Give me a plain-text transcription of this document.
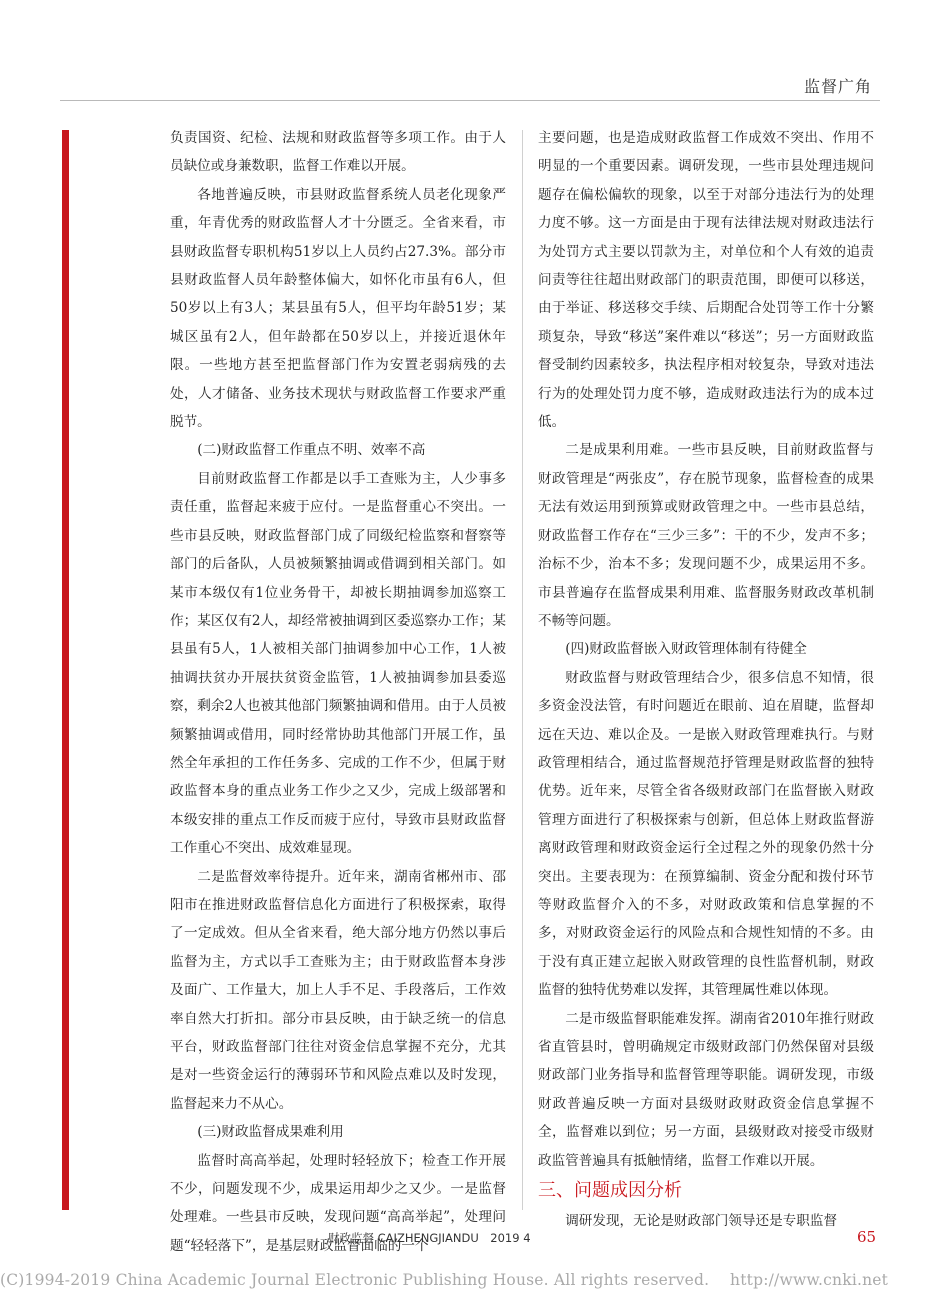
监督广角

负责国资、纪检、法规和财政监督等多项工作。由于人员缺位或身兼数职，监督工作难以开展。

各地普遍反映，市县财政监督系统人员老化现象严重，年青优秀的财政监督人才十分匮乏。全省来看，市县财政监督专职机构51岁以上人员约占27.3%。部分市县财政监督人员年龄整体偏大，如怀化市虽有6人，但50岁以上有3人；某县虽有5人，但平均年龄51岁；某城区虽有2人，但年龄都在50岁以上，并接近退休年限。一些地方甚至把监督部门作为安置老弱病残的去处，人才储备、业务技术现状与财政监督工作要求严重脱节。

(二)财政监督工作重点不明、效率不高

目前财政监督工作都是以手工查账为主，人少事多责任重，监督起来疲于应付。一是监督重心不突出。一些市县反映，财政监督部门成了同级纪检监察和督察等部门的后备队，人员被频繁抽调或借调到相关部门。如某市本级仅有1位业务骨干，却被长期抽调参加巡察工作；某区仅有2人，却经常被抽调到区委巡察办工作；某县虽有5人，1人被相关部门抽调参加中心工作，1人被抽调扶贫办开展扶贫资金监管，1人被抽调参加县委巡察，剩余2人也被其他部门频繁抽调和借用。由于人员被频繁抽调或借用，同时经常协助其他部门开展工作，虽然全年承担的工作任务多、完成的工作不少，但属于财政监督本身的重点业务工作少之又少，完成上级部署和本级安排的重点工作反而疲于应付，导致市县财政监督工作重心不突出、成效难显现。

二是监督效率待提升。近年来，湖南省郴州市、邵阳市在推进财政监督信息化方面进行了积极探索，取得了一定成效。但从全省来看，绝大部分地方仍然以事后监督为主，方式以手工查账为主；由于财政监督本身涉及面广、工作量大，加上人手不足、手段落后，工作效率自然大打折扣。部分市县反映，由于缺乏统一的信息平台，财政监督部门往往对资金信息掌握不充分，尤其是对一些资金运行的薄弱环节和风险点难以及时发现，监督起来力不从心。

(三)财政监督成果难利用

监督时高高举起，处理时轻轻放下；检查工作开展不少，问题发现不少，成果运用却少之又少。一是监督处理难。一些县市反映，发现问题“高高举起”，处理问题“轻轻落下”，是基层财政监督面临的一个

主要问题，也是造成财政监督工作成效不突出、作用不明显的一个重要因素。调研发现，一些市县处理违规问题存在偏松偏软的现象，以至于对部分违法行为的处理力度不够。这一方面是由于现有法律法规对财政违法行为处罚方式主要以罚款为主，对单位和个人有效的追责问责等往往超出财政部门的职责范围，即便可以移送，由于举证、移送移交手续、后期配合处罚等工作十分繁琐复杂，导致“移送”案件难以“移送”；另一方面财政监督受制约因素较多，执法程序相对较复杂，导致对违法行为的处理处罚力度不够，造成财政违法行为的成本过低。

二是成果利用难。一些市县反映，目前财政监督与财政管理是“两张皮”，存在脱节现象，监督检查的成果无法有效运用到预算或财政管理之中。一些市县总结，财政监督工作存在“三少三多”：干的不少，发声不多；治标不少，治本不多；发现问题不少，成果运用不多。市县普遍存在监督成果利用难、监督服务财政改革机制不畅等问题。

(四)财政监督嵌入财政管理体制有待健全

财政监督与财政管理结合少，很多信息不知情，很多资金没法管，有时问题近在眼前、迫在眉睫，监督却远在天边、难以企及。一是嵌入财政管理难执行。与财政管理相结合，通过监督规范抒管理是财政监督的独特优势。近年来，尽管全省各级财政部门在监督嵌入财政管理方面进行了积极探索与创新，但总体上财政监督游离财政管理和财政资金运行全过程之外的现象仍然十分突出。主要表现为：在预算编制、资金分配和拨付环节等财政监督介入的不多，对财政政策和信息掌握的不多，对财政资金运行的风险点和合规性知情的不多。由于没有真正建立起嵌入财政管理的良性监督机制，财政监督的独特优势难以发挥，其管理属性难以体现。

二是市级监督职能难发挥。湖南省2010年推行财政省直管县时，曾明确规定市级财政部门仍然保留对县级财政部门业务指导和监督管理等职能。调研发现，市级财政普遍反映一方面对县级财政财政资金信息掌握不全，监督难以到位；另一方面，县级财政对接受市级财政监管普遍具有抵触情绪，监督工作难以开展。

三、问题成因分析

调研发现，无论是财政部门领导还是专职监督

财政监督 CAIZHENGJIANDU　2019 4	65
(C)1994-2019 China Academic Journal Electronic Publishing House. All rights reserved.　 http://www.cnki.net
